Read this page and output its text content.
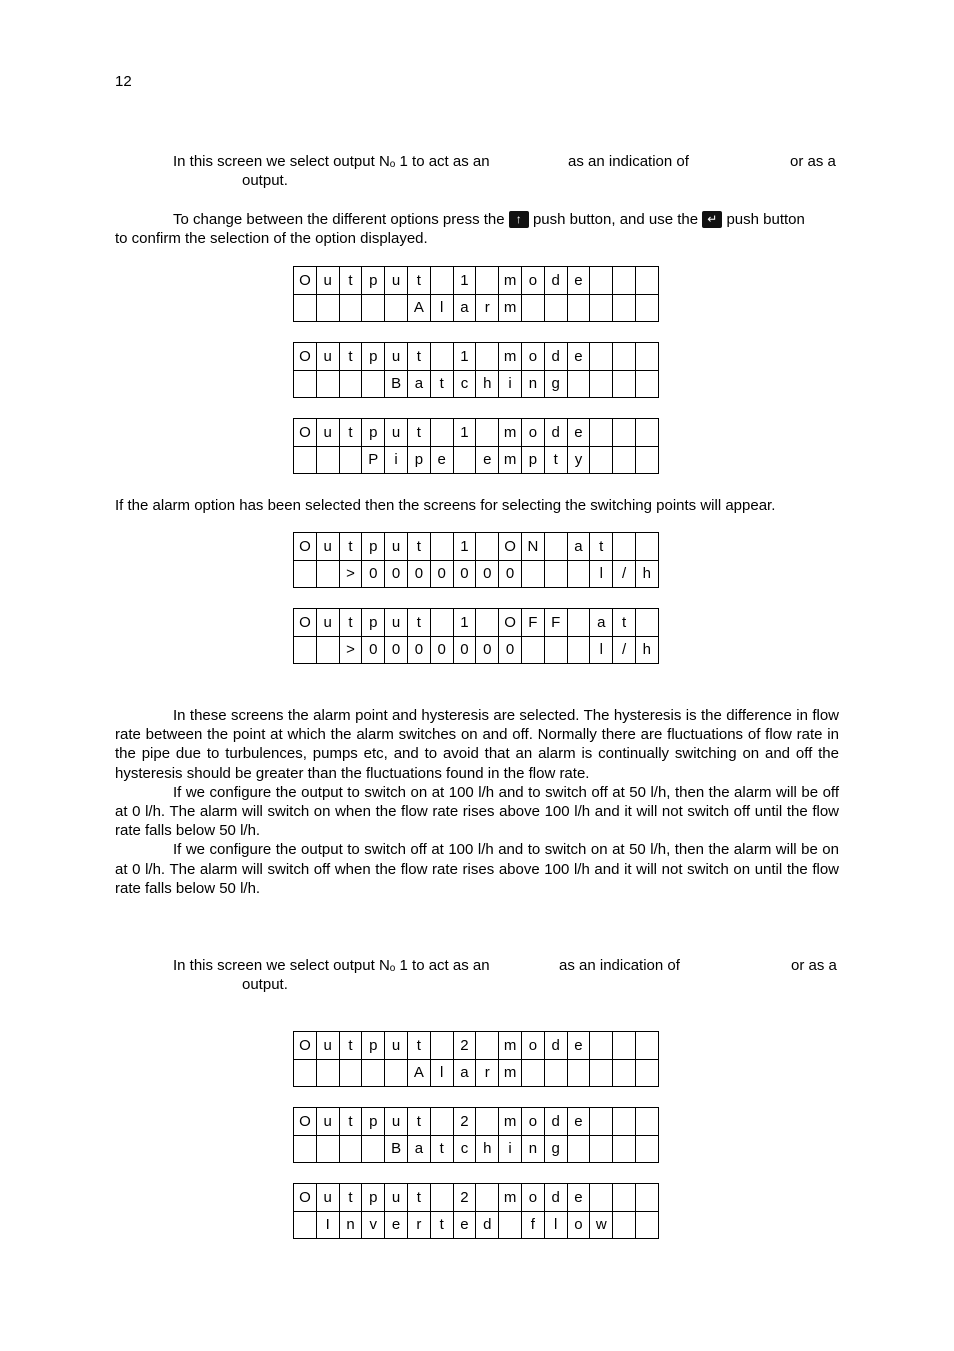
12
In this screen we select output No 1 to act as an	as an indication of	or as a
output.
To change between the different options press the ↑ push button, and use the ↵ push button
to confirm the selection of the option displayed.
O	u	t	p	u	t		1		m	o	d	e			
					A	l	a	r	m						
O	u	t	p	u	t		1		m	o	d	e			
				B	a	t	c	h	i	n	g				
O	u	t	p	u	t		1		m	o	d	e			
			P	i	p	e		e	m	p	t	y			
If the alarm option has been selected then the screens for selecting the switching points will appear.
O	u	t	p	u	t		1		O	N		a	t		
		>	0	0	0	0	0	0	0				l	/	h
O	u	t	p	u	t		1		O	F	F		a	t	
		>	0	0	0	0	0	0	0				l	/	h

In these screens the alarm point and hysteresis are selected. The hysteresis is the difference in flow rate between the point at which the alarm switches on and off. Normally there are fluctuations of flow rate in the pipe due to turbulences, pumps etc, and to avoid that an alarm is continually switching on and off the hysteresis should be greater than the fluctuations found in the flow rate.

If we configure the output to switch on at 100 l/h and to switch off at 50 l/h, then the alarm will be off at 0 l/h. The alarm will switch on when the flow rate rises above 100 l/h and it will not switch off until the flow rate falls below 50 l/h.

If we configure the output to switch off at 100 l/h and to switch on at 50 l/h, then the alarm will be on at 0 l/h. The alarm will switch off when the flow rate rises above 100 l/h and it will not switch on until the flow rate falls below 50 l/h.

In this screen we select output No 1 to act as an	as an indication of	or as a
output.
O	u	t	p	u	t		2		m	o	d	e			
					A	l	a	r	m						
O	u	t	p	u	t		2		m	o	d	e			
				B	a	t	c	h	i	n	g				
O	u	t	p	u	t		2		m	o	d	e			
	I	n	v	e	r	t	e	d		f	l	o	w		
